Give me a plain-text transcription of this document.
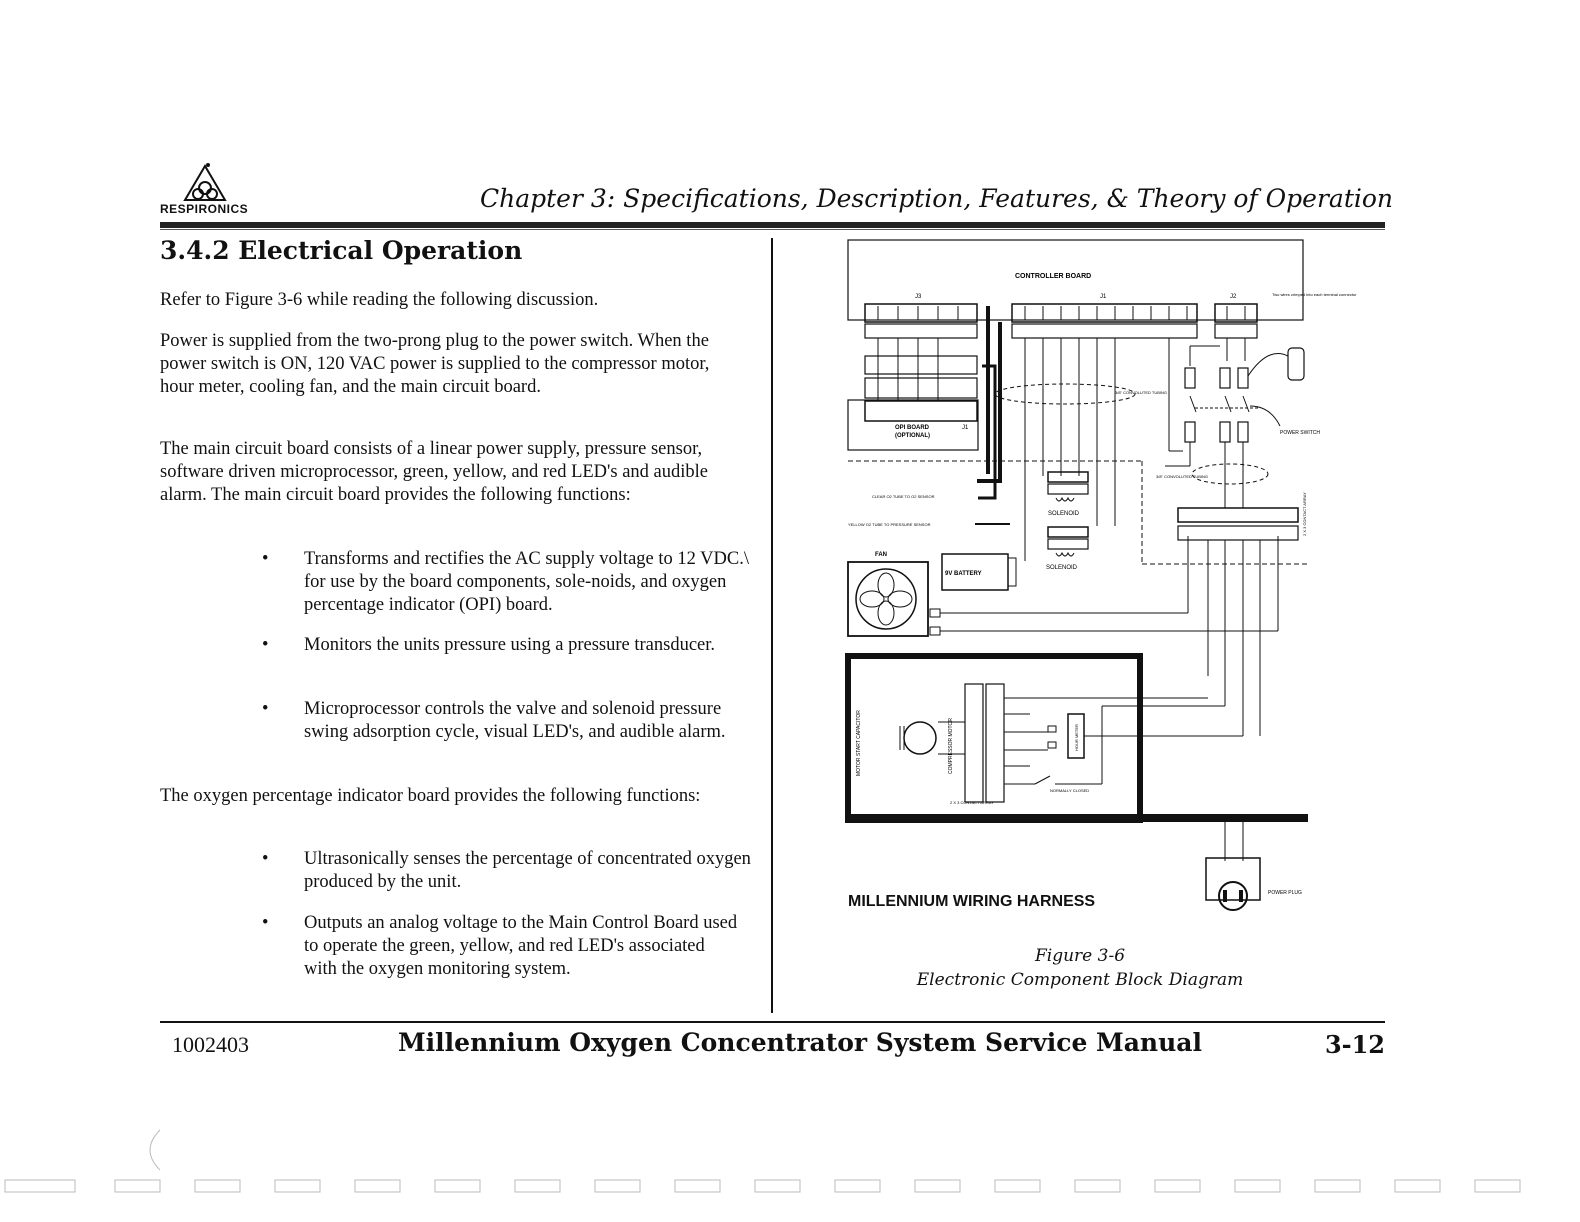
RESPIRONICS	Chapter 3: Specifications, Description, Features, & Theory of Operation
3.4.2 Electrical Operation
Refer to Figure 3-6 while reading the following discussion.
Power is supplied from the two-prong plug to the power switch. When the power switch is ON, 120 VAC power is supplied to the compressor motor, hour meter, cooling fan, and the main circuit board.
The main circuit board consists of a linear power supply, pressure sensor, software driven microprocessor, green, yellow, and red LED's and audible alarm. The main circuit board provides the following functions:
• Transforms and rectifies the AC supply voltage to 12 VDC.\ for use by the board components, sole-noids, and oxygen percentage indicator (OPI) board.
• Monitors the units pressure using a pressure transducer.
• Microprocessor controls the valve and solenoid pressure swing adsorption cycle, visual LED's, and audible alarm.
The oxygen percentage indicator board provides the following functions:
• Ultrasonically senses the percentage of concentrated oxygen produced by the unit.
• Outputs an analog voltage to the Main Control Board used to operate the green, yellow, and red LED's associated with the oxygen monitoring system.
CONTROLLER BOARD
J3	J1	J2	Two wires crimped into each terminal connector
OPI BOARD
(OPTIONAL)
J1
CLEAR O2 TUBE TO O2 SENSOR
YELLOW O2 TUBE TO PRESSURE SENSOR
3/8" CONVOLUTED TUBING
3/8" CONVOLUTED TUBING
SOLENOID
SOLENOID
9V BATTERY
FAN
POWER SWITCH
2 X 3 CONTACT ARRAY
MOTOR START CAPACITOR	COMPRESSOR MOTOR	HOUR METER
NORMALLY CLOSED
2 X 3 CONTACT ARRAY
POWER PLUG
MILLENNIUM WIRING HARNESS
Figure 3-6
Electronic Component Block Diagram
1002403	Millennium Oxygen Concentrator System Service Manual	3-12
